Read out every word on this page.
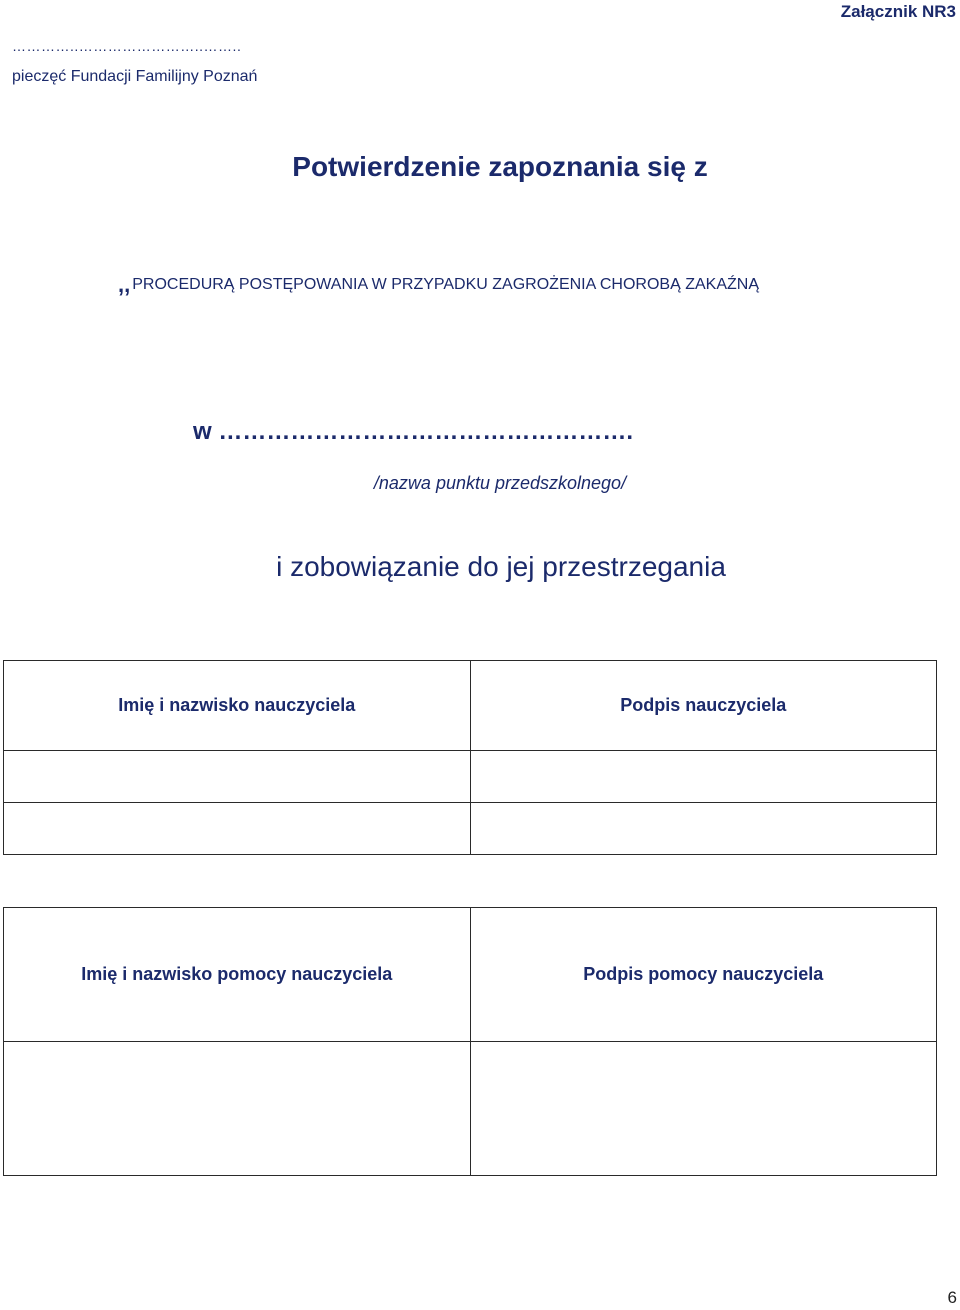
Załącznik NR3
…………..……………………..……..
pieczęć Fundacji Familijny Poznań
Potwierdzenie zapoznania się z
,, PROCEDURĄ POSTĘPOWANIA W PRZYPADKU ZAGROŻENIA CHOROBĄ ZAKAŹNĄ
w …………………………………………….
/nazwa punktu przedszkolnego/
i zobowiązanie do jej przestrzegania
Imię i nazwisko nauczyciela	Podpis nauczyciela

Imię i nazwisko pomocy nauczyciela	Podpis pomocy nauczyciela

6
